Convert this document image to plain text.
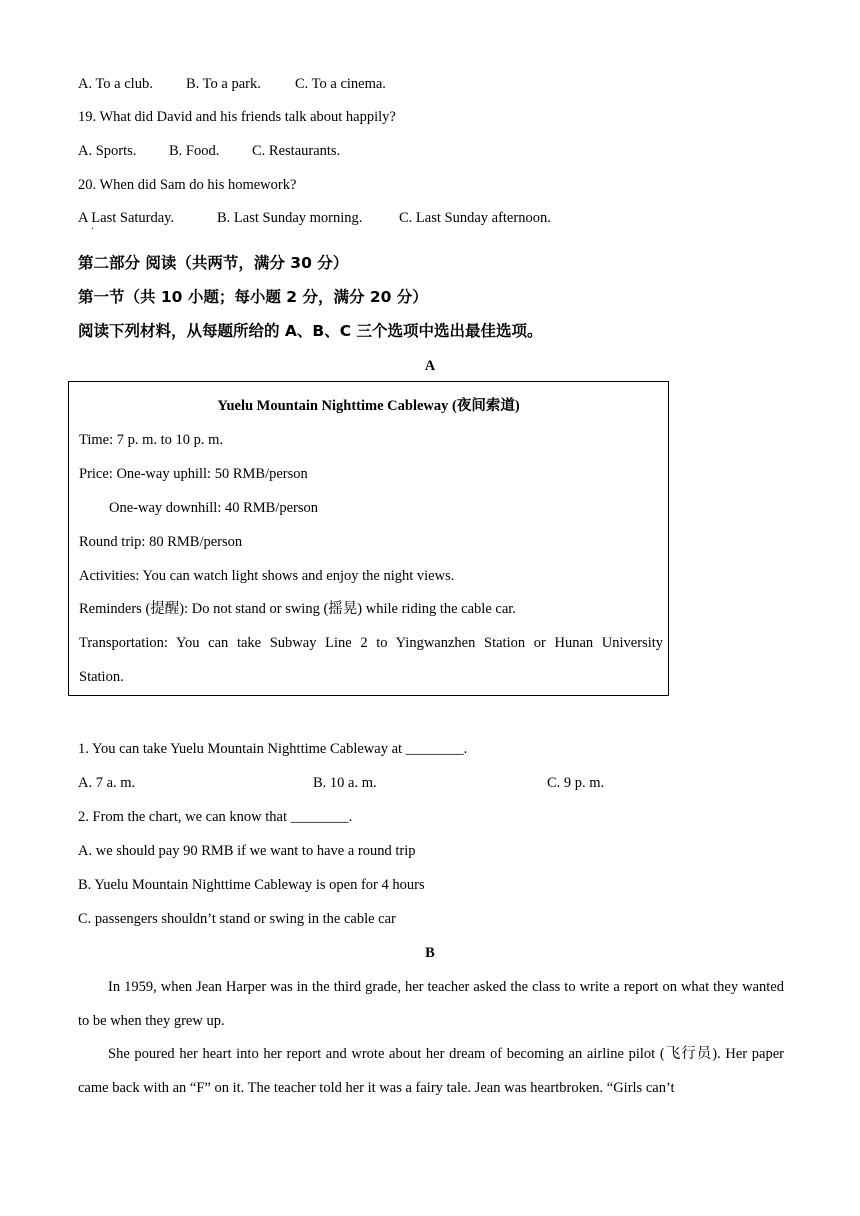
A. To a club. B. To a park. C. To a cinema.
19. What did David and his friends talk about happily?
A. Sports. B. Food. C. Restaurants.
20. When did Sam do his homework?
A Last Saturday.	B. Last Sunday morning.	C. Last Sunday afternoon.
·
第二部分 阅读（共两节，满分 30 分）
第一节（共 10 小题；每小题 2 分，满分 20 分）
阅读下列材料，从每题所给的 A、B、C 三个选项中选出最佳选项。
A
Yuelu Mountain Nighttime Cableway (夜间索道)
Time: 7 p. m. to 10 p. m.
Price: One-way uphill: 50 RMB/person
One-way downhill: 40 RMB/person
Round trip: 80 RMB/person
Activities: You can watch light shows and enjoy the night views.
Reminders (提醒): Do not stand or swing (摇晃) while riding the cable car.
Transportation: You can take Subway Line 2 to Yingwanzhen Station or Hunan University
Station.
1. You can take Yuelu Mountain Nighttime Cableway at ________.
A. 7 a. m.	B. 10 a. m.	C. 9 p. m.
2. From the chart, we can know that ________.
A. we should pay 90 RMB if we want to have a round trip
B. Yuelu Mountain Nighttime Cableway is open for 4 hours
C. passengers shouldn’t stand or swing in the cable car
B
In 1959, when Jean Harper was in the third grade, her teacher asked the class to write a report on what they wanted to be when they grew up.
She poured her heart into her report and wrote about her dream of becoming an airline pilot (飞行员). Her paper came back with an “F” on it. The teacher told her it was a fairy tale. Jean was heartbroken. “Girls can’t
